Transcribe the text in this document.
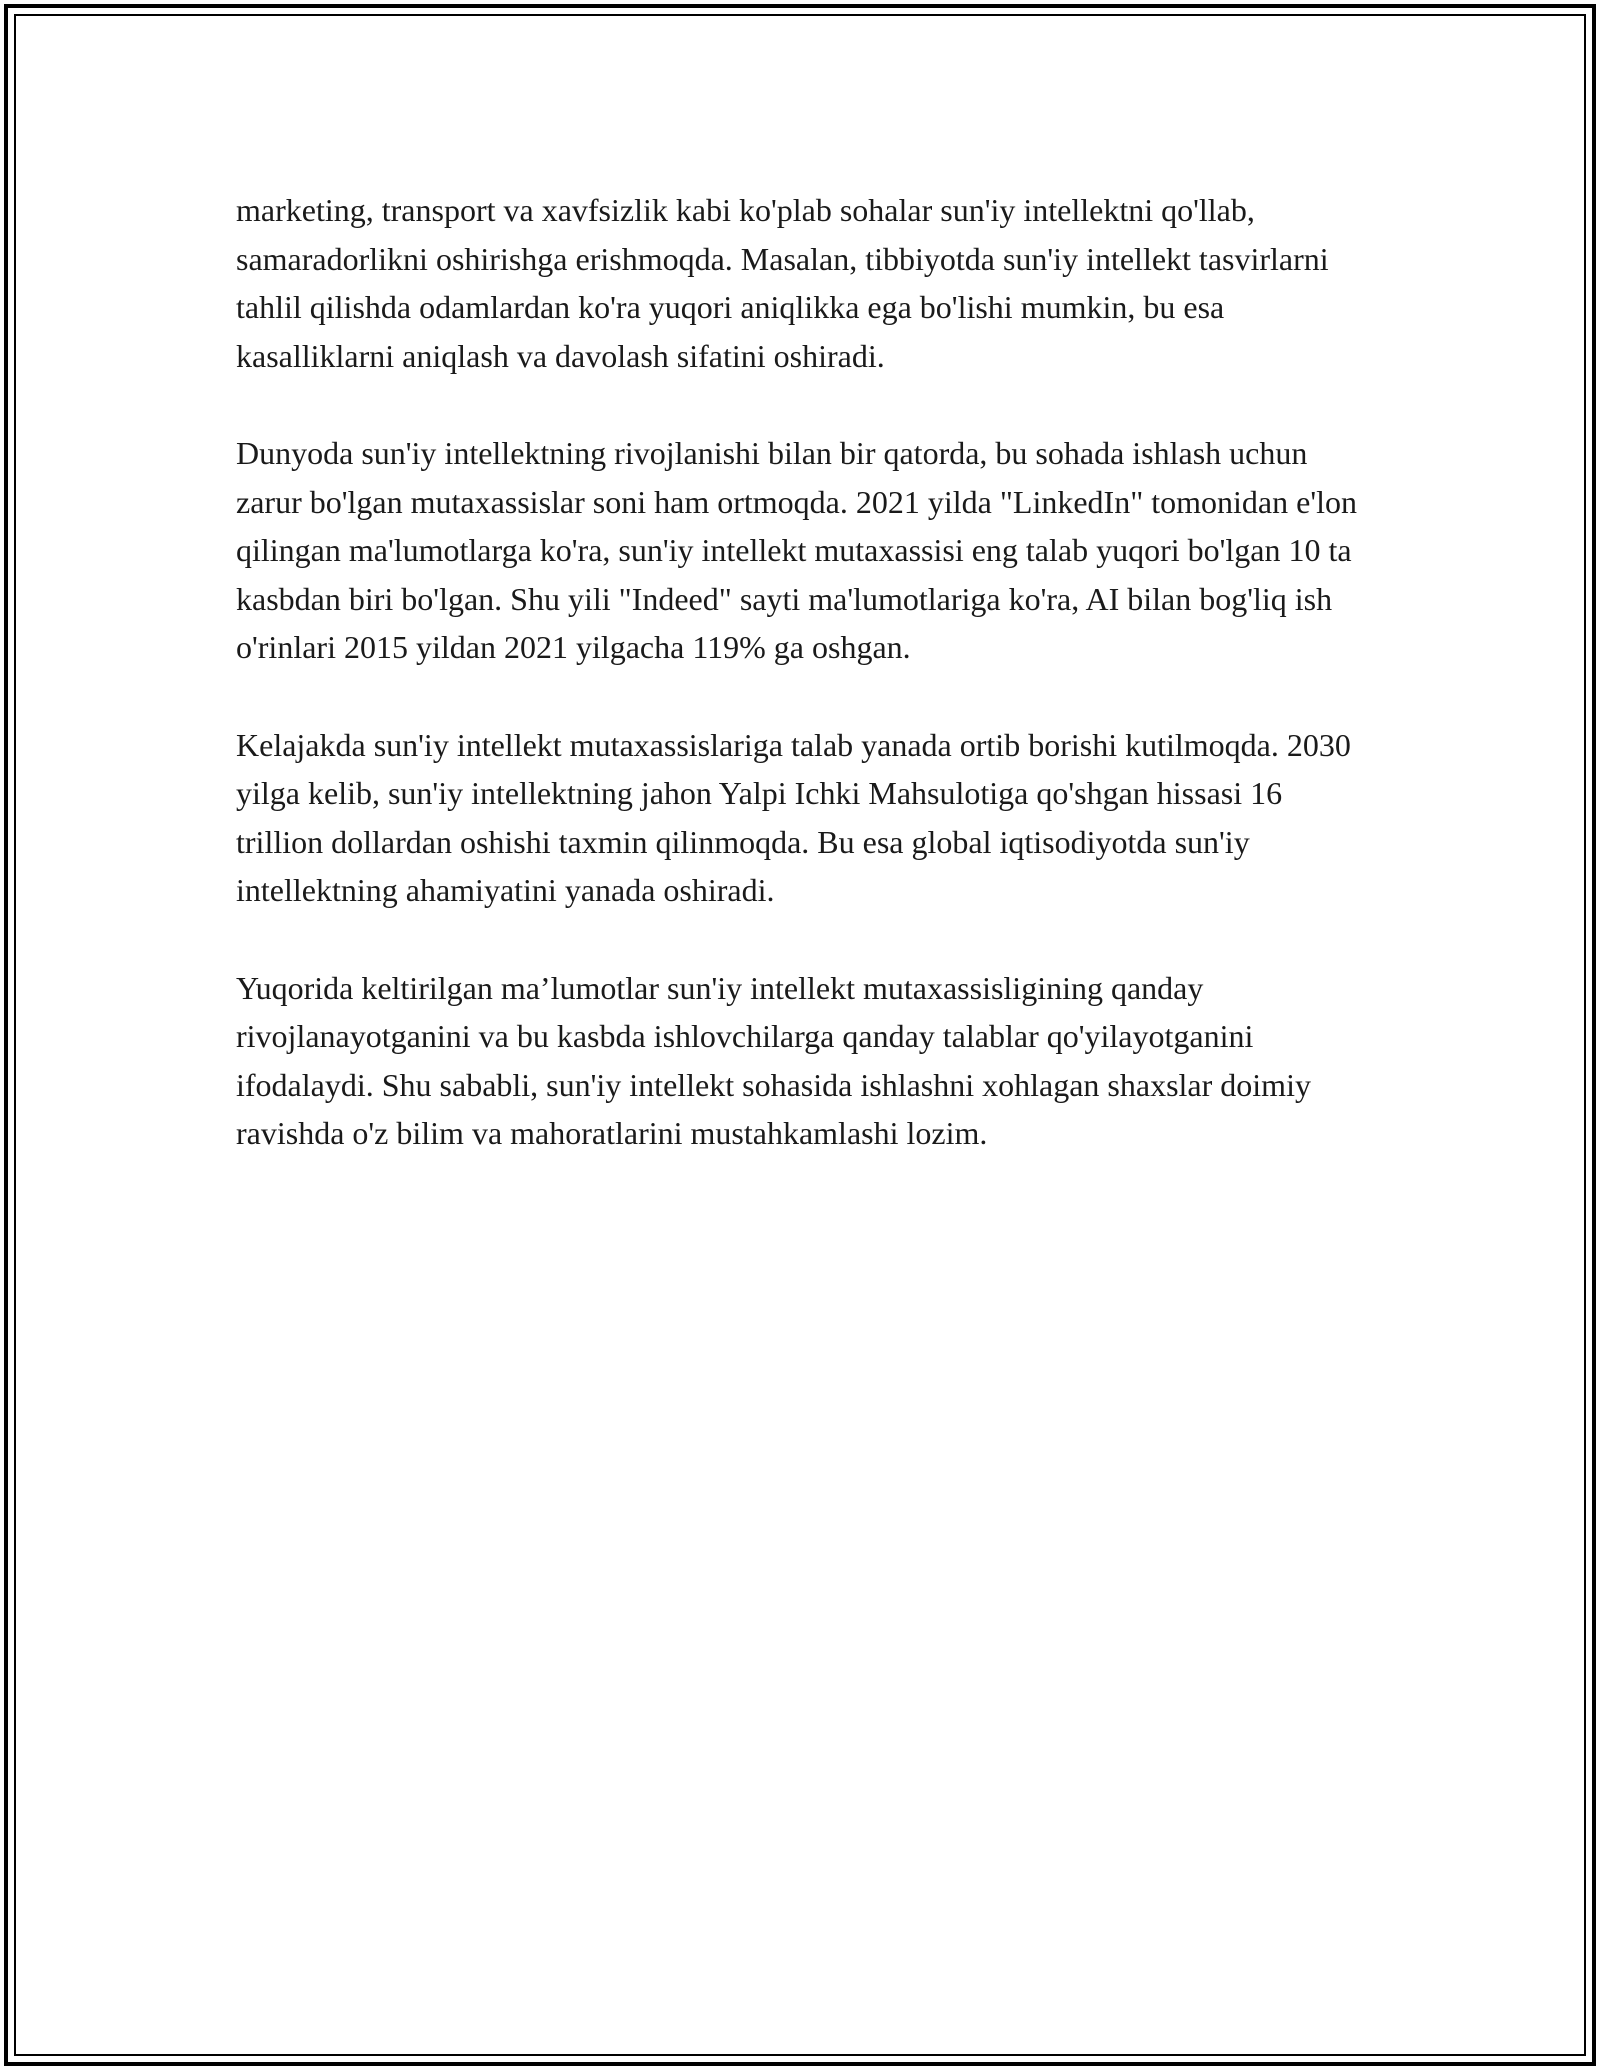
marketing, transport va xavfsizlik kabi ko'plab sohalar sun'iy intellektni qo'llab, samaradorlikni oshirishga erishmoqda. Masalan, tibbiyotda sun'iy intellekt tasvirlarni tahlil qilishda odamlardan ko'ra yuqori aniqlikka ega bo'lishi mumkin, bu esa kasalliklarni aniqlash va davolash sifatini oshiradi.

Dunyoda sun'iy intellektning rivojlanishi bilan bir qatorda, bu sohada ishlash uchun zarur bo'lgan mutaxassislar soni ham ortmoqda. 2021 yilda "LinkedIn" tomonidan e'lon qilingan ma'lumotlarga ko'ra, sun'iy intellekt mutaxassisi eng talab yuqori bo'lgan 10 ta kasbdan biri bo'lgan. Shu yili "Indeed" sayti ma'lumotlariga ko'ra, AI bilan bog'liq ish o'rinlari 2015 yildan 2021 yilgacha 119% ga oshgan.

Kelajakda sun'iy intellekt mutaxassislariga talab yanada ortib borishi kutilmoqda. 2030 yilga kelib, sun'iy intellektning jahon Yalpi Ichki Mahsulotiga qo'shgan hissasi 16 trillion dollardan oshishi taxmin qilinmoqda. Bu esa global iqtisodiyotda sun'iy intellektning ahamiyatini yanada oshiradi.

Yuqorida keltirilgan ma’lumotlar sun'iy intellekt mutaxassisligining qanday rivojlanayotganini va bu kasbda ishlovchilarga qanday talablar qo'yilayotganini ifodalaydi. Shu sababli, sun'iy intellekt sohasida ishlashni xohlagan shaxslar doimiy ravishda o'z bilim va mahoratlarini mustahkamlashi lozim.
